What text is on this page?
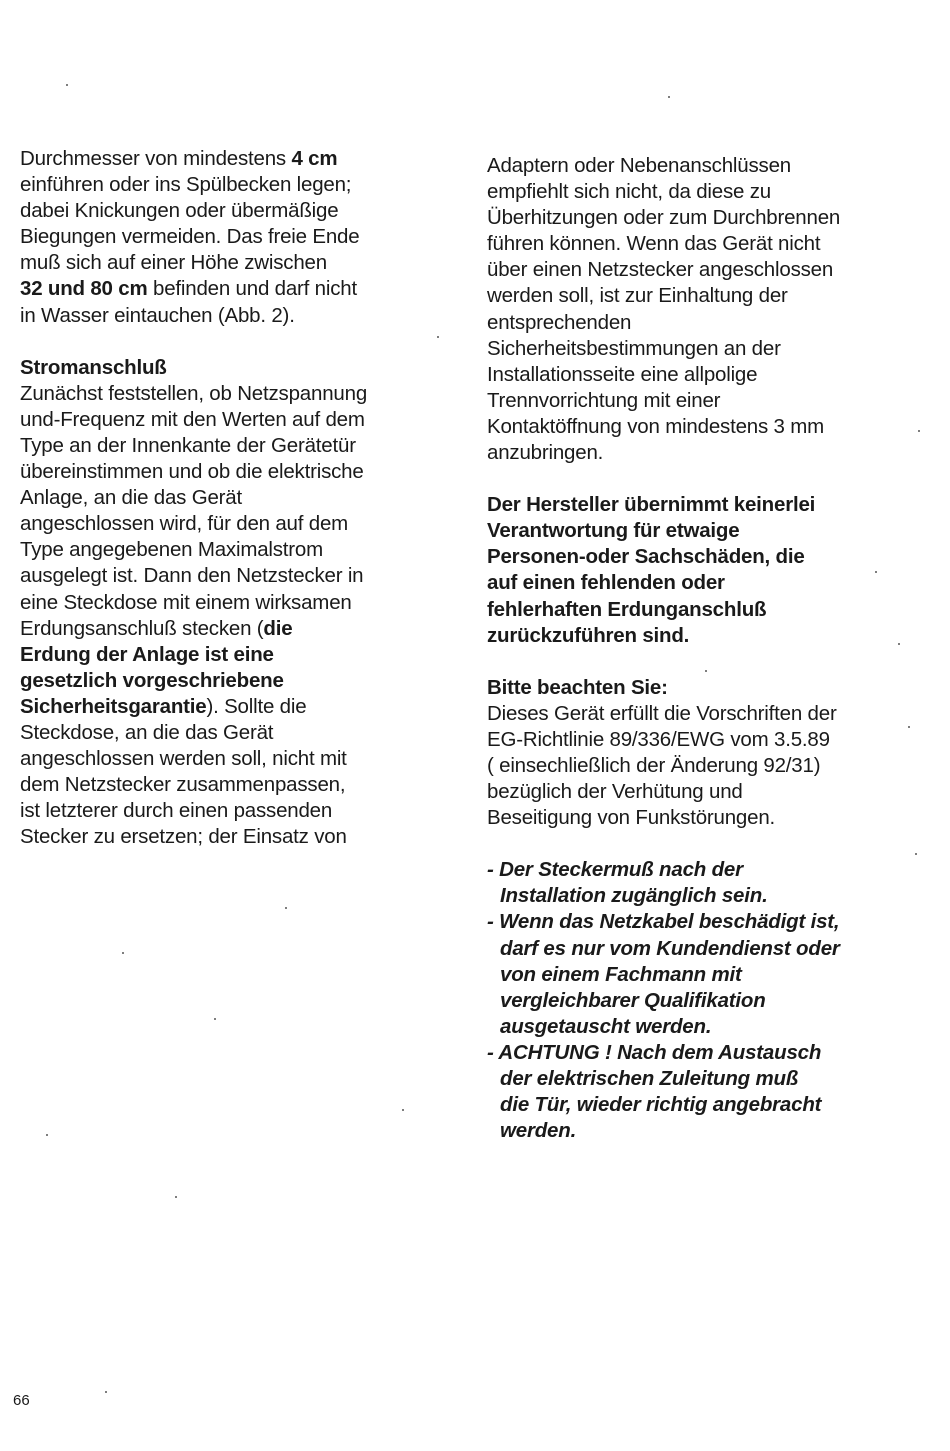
Durchmesser von mindestens 4 cm
einführen oder ins Spülbecken legen;
dabei Knickungen oder übermäßige
Biegungen vermeiden. Das freie Ende
muß sich auf einer Höhe zwischen
32 und 80 cm befinden und darf nicht
in Wasser eintauchen (Abb. 2).
Stromanschluß
Zunächst feststellen, ob Netzspannung
und-Frequenz mit den Werten auf dem
Type an der Innenkante der Gerätetür
übereinstimmen und ob die elektrische
Anlage, an die das Gerät
angeschlossen wird, für den auf dem
Type angegebenen Maximalstrom
ausgelegt ist. Dann den Netzstecker in
eine Steckdose mit einem wirksamen
Erdungsanschluß stecken (die
Erdung der Anlage ist eine
gesetzlich vorgeschriebene
Sicherheitsgarantie). Sollte die
Steckdose, an die das Gerät
angeschlossen werden soll, nicht mit
dem Netzstecker zusammenpassen,
ist letzterer durch einen passenden
Stecker zu ersetzen; der Einsatz von
Adaptern oder Nebenanschlüssen
empfiehlt sich nicht, da diese zu
Überhitzungen oder zum Durchbrennen
führen können. Wenn das Gerät nicht
über einen Netzstecker angeschlossen
werden soll, ist zur Einhaltung der
entsprechenden
Sicherheitsbestimmungen an der
Installationsseite eine allpolige
Trennvorrichtung mit einer
Kontaktöffnung von mindestens 3 mm
anzubringen.
Der Hersteller übernimmt keinerlei
Verantwortung für etwaige
Personen-oder Sachschäden, die
auf einen fehlenden oder
fehlerhaften Erdunganschluß
zurückzuführen sind.
Bitte beachten Sie:
Dieses Gerät erfüllt die Vorschriften der
EG-Richtlinie 89/336/EWG vom 3.5.89
( einsechließlich der Änderung 92/31)
bezüglich der Verhütung und
Beseitigung von Funkstörungen.
- Der Steckermuß nach der
Installation zugänglich sein.
- Wenn das Netzkabel beschädigt ist,
darf es nur vom Kundendienst oder
von einem Fachmann mit
vergleichbarer Qualifikation
ausgetauscht werden.
- ACHTUNG ! Nach dem Austausch
der elektrischen Zuleitung muß
die Tür, wieder richtig angebracht
werden.
66
